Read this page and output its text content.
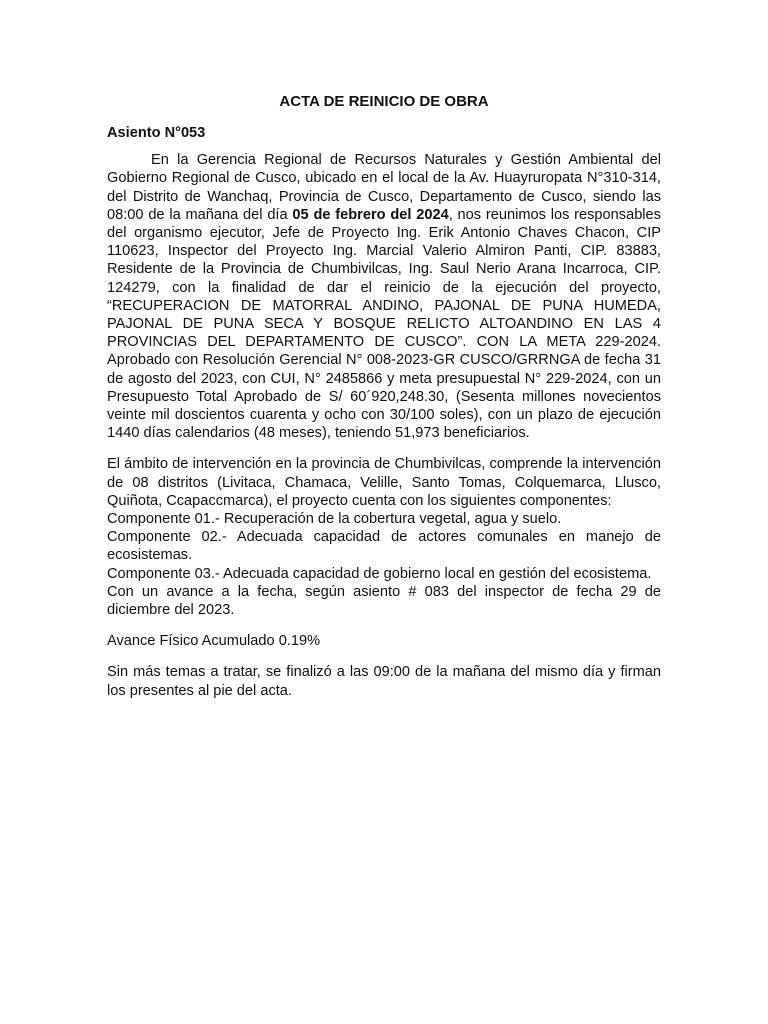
ACTA DE REINICIO DE OBRA
Asiento N°053

En la Gerencia Regional de Recursos Naturales y Gestión Ambiental del Gobierno Regional de Cusco, ubicado en el local de la Av. Huayruropata N°310-314, del Distrito de Wanchaq, Provincia de Cusco, Departamento de Cusco, siendo las 08:00 de la mañana del día 05 de febrero del 2024, nos reunimos los responsables del organismo ejecutor, Jefe de Proyecto Ing. Erik Antonio Chaves Chacon, CIP 110623, Inspector del Proyecto Ing. Marcial Valerio Almiron Panti, CIP. 83883, Residente de la Provincia de Chumbivilcas, Ing. Saul Nerio Arana Incarroca, CIP. 124279, con la finalidad de dar el reinicio de la ejecución del proyecto, “RECUPERACION DE MATORRAL ANDINO, PAJONAL DE PUNA HUMEDA, PAJONAL DE PUNA SECA Y BOSQUE RELICTO ALTOANDINO EN LAS 4 PROVINCIAS DEL DEPARTAMENTO DE CUSCO”. CON LA META 229-2024. Aprobado con Resolución Gerencial N° 008-2023-GR CUSCO/GRRNGA de fecha 31 de agosto del 2023, con CUI, N° 2485866 y meta presupuestal N° 229-2024, con un Presupuesto Total Aprobado de S/ 60´920,248.30, (Sesenta millones novecientos veinte mil doscientos cuarenta y ocho con 30/100 soles), con un plazo de ejecución 1440 días calendarios (48 meses), teniendo 51,973 beneficiarios.

El ámbito de intervención en la provincia de Chumbivilcas, comprende la intervención de 08 distritos (Livitaca, Chamaca, Velille, Santo Tomas, Colquemarca, Llusco, Quiñota, Ccapaccmarca), el proyecto cuenta con los siguientes componentes:

Componente 01.- Recuperación de la cobertura vegetal, agua y suelo.

Componente 02.- Adecuada capacidad de actores comunales en manejo de ecosistemas.

Componente 03.- Adecuada capacidad de gobierno local en gestión del ecosistema.

Con un avance a la fecha, según asiento # 083 del inspector de fecha 29 de diciembre del 2023.

Avance Físico Acumulado 0.19%

Sin más temas a tratar, se finalizó a las 09:00 de la mañana del mismo día y firman los presentes al pie del acta.
